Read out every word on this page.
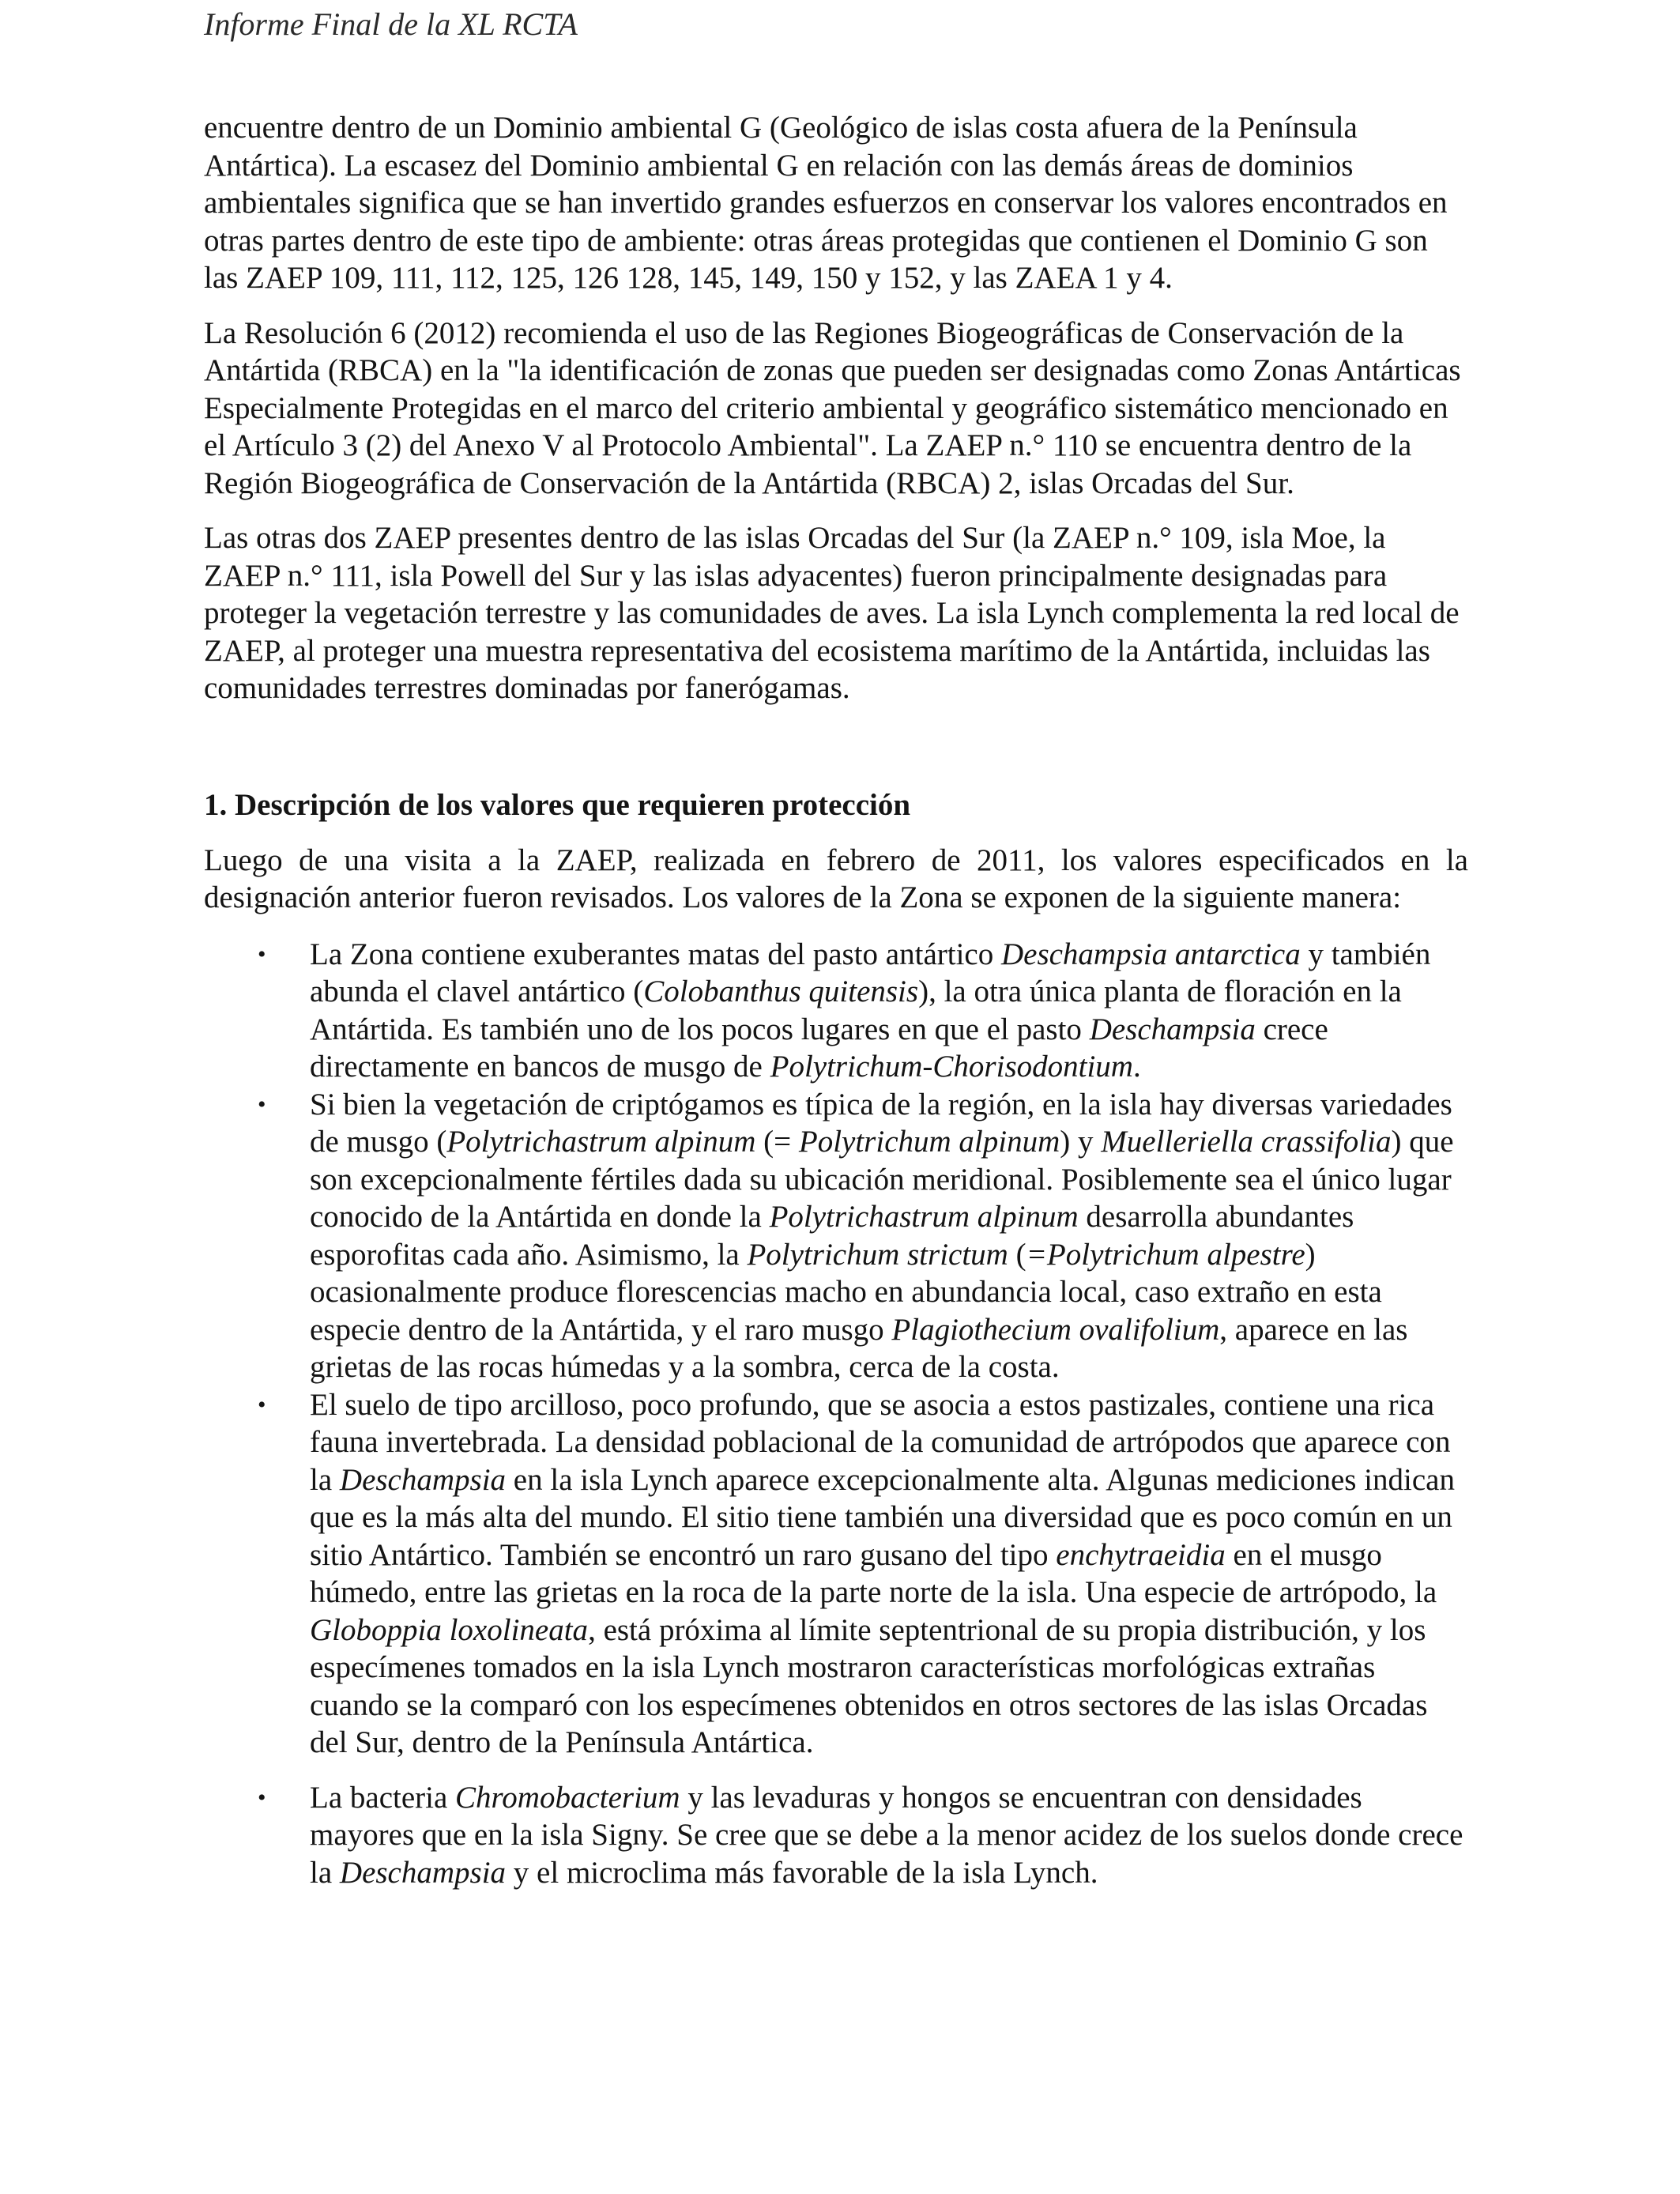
Informe Final de la XL RCTA

encuentre dentro de un Dominio ambiental G (Geológico de islas costa afuera de la Península Antártica). La escasez del Dominio ambiental G en relación con las demás áreas de dominios ambientales significa que se han invertido grandes esfuerzos en conservar los valores encontrados en otras partes dentro de este tipo de ambiente: otras áreas protegidas que contienen el Dominio G son las ZAEP 109, 111, 112, 125, 126 128, 145, 149, 150 y 152, y las ZAEA 1 y 4.

La Resolución 6 (2012) recomienda el uso de las Regiones Biogeográficas de Conservación de la Antártida (RBCA) en la "la identificación de zonas que pueden ser designadas como Zonas Antárticas Especialmente Protegidas en el marco del criterio ambiental y geográfico sistemático mencionado en el Artículo 3 (2) del Anexo V al Protocolo Ambiental". La ZAEP n.° 110 se encuentra dentro de la Región Biogeográfica de Conservación de la Antártida (RBCA) 2, islas Orcadas del Sur.

Las otras dos ZAEP presentes dentro de las islas Orcadas del Sur (la ZAEP n.° 109, isla Moe, la ZAEP n.° 111, isla Powell del Sur y las islas adyacentes) fueron principalmente designadas para proteger la vegetación terrestre y las comunidades de aves. La isla Lynch complementa la red local de ZAEP, al proteger una muestra representativa del ecosistema marítimo de la Antártida, incluidas las comunidades terrestres dominadas por fanerógamas.

1. Descripción de los valores que requieren protección

Luego de una visita a la ZAEP, realizada en febrero de 2011, los valores especificados en la designación anterior fueron revisados. Los valores de la Zona se exponen de la siguiente manera:

• La Zona contiene exuberantes matas del pasto antártico Deschampsia antarctica y también abunda el clavel antártico (Colobanthus quitensis), la otra única planta de floración en la Antártida. Es también uno de los pocos lugares en que el pasto Deschampsia crece directamente en bancos de musgo de Polytrichum-Chorisodontium.
• Si bien la vegetación de criptógamos es típica de la región, en la isla hay diversas variedades de musgo (Polytrichastrum alpinum (= Polytrichum alpinum) y Muelleriella crassifolia) que son excepcionalmente fértiles dada su ubicación meridional. Posiblemente sea el único lugar conocido de la Antártida en donde la Polytrichastrum alpinum desarrolla abundantes esporofitas cada año. Asimismo, la Polytrichum strictum (=Polytrichum alpestre) ocasionalmente produce florescencias macho en abundancia local, caso extraño en esta especie dentro de la Antártida, y el raro musgo Plagiothecium ovalifolium, aparece en las grietas de las rocas húmedas y a la sombra, cerca de la costa.
• El suelo de tipo arcilloso, poco profundo, que se asocia a estos pastizales, contiene una rica fauna invertebrada. La densidad poblacional de la comunidad de artrópodos que aparece con la Deschampsia en la isla Lynch aparece excepcionalmente alta. Algunas mediciones indican que es la más alta del mundo. El sitio tiene también una diversidad que es poco común en un sitio Antártico. También se encontró un raro gusano del tipo enchytraeidia en el musgo húmedo, entre las grietas en la roca de la parte norte de la isla. Una especie de artrópodo, la Globoppia loxolineata, está próxima al límite septentrional de su propia distribución, y los especímenes tomados en la isla Lynch mostraron características morfológicas extrañas cuando se la comparó con los especímenes obtenidos en otros sectores de las islas Orcadas del Sur, dentro de la Península Antártica.
• La bacteria Chromobacterium y las levaduras y hongos se encuentran con densidades mayores que en la isla Signy. Se cree que se debe a la menor acidez de los suelos donde crece la Deschampsia y el microclima más favorable de la isla Lynch.
